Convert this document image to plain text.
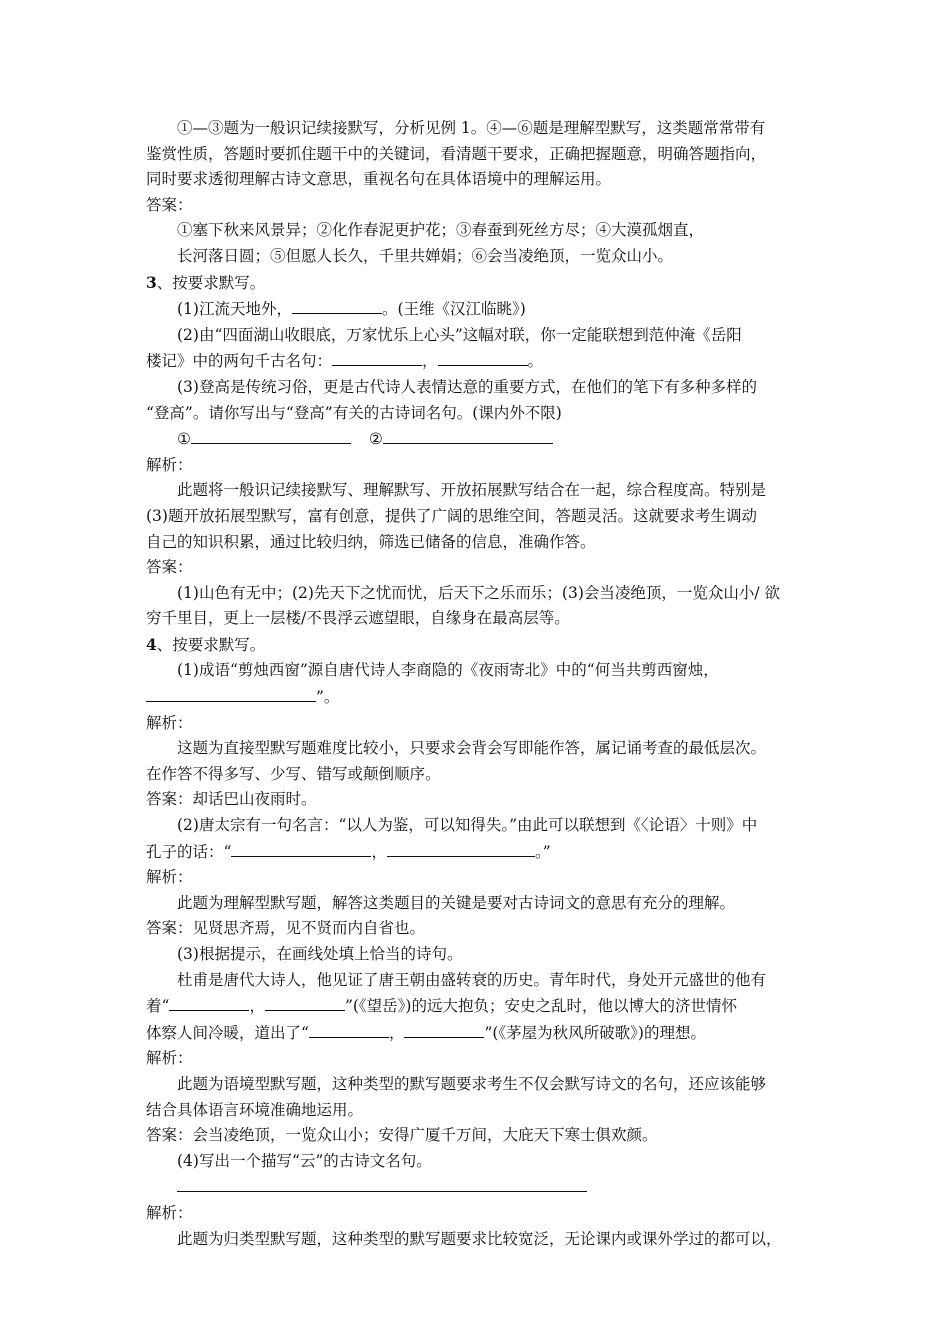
①—③题为一般识记续接默写，分析见例 1。④—⑥题是理解型默写，这类题常常带有

鉴赏性质，答题时要抓住题干中的关键词，看清题干要求，正确把握题意，明确答题指向，

同时要求透彻理解古诗文意思，重视名句在具体语境中的理解运用。

答案：

①塞下秋来风景异；②化作春泥更护花；③春蚕到死丝方尽；④大漠孤烟直，

长河落日圆；⑤但愿人长久，千里共婵娟；⑥会当凌绝顶，一览众山小。

3、按要求默写。

(1)江流天地外，	。(王维《汉江临眺》)

(2)由“四面湖山收眼底，万家忧乐上心头”这幅对联，你一定能联想到范仲淹《岳阳

楼记》中的两句千古名句：	，	。

(3)登高是传统习俗，更是古代诗人表情达意的重要方式，在他们的笔下有多种多样的

“登高”。请你写出与“登高”有关的古诗词名句。(课内外不限)

①	②

解析：

此题将一般识记续接默写、理解默写、开放拓展默写结合在一起，综合程度高。特别是

(3)题开放拓展型默写，富有创意，提供了广阔的思维空间，答题灵活。这就要求考生调动

自己的知识积累，通过比较归纳，筛选已储备的信息，准确作答。

答案：

(1)山色有无中；(2)先天下之忧而忧，后天下之乐而乐；(3)会当凌绝顶，一览众山小/ 欲

穷千里目，更上一层楼/不畏浮云遮望眼，自缘身在最高层等。

4、按要求默写。

(1)成语“剪烛西窗”源自唐代诗人李商隐的《夜雨寄北》中的“何当共剪西窗烛，

”。

解析：

这题为直接型默写题难度比较小，只要求会背会写即能作答，属记诵考查的最低层次。

在作答不得多写、少写、错写或颠倒顺序。

答案：却话巴山夜雨时。

(2)唐太宗有一句名言：“以人为鉴，可以知得失。”由此可以联想到《〈论语〉十则》中

孔子的话：“	，	。”

解析：

此题为理解型默写题，解答这类题目的关键是要对古诗词文的意思有充分的理解。

答案：见贤思齐焉，见不贤而内自省也。

(3)根据提示，在画线处填上恰当的诗句。

杜甫是唐代大诗人，他见证了唐王朝由盛转衰的历史。青年时代，身处开元盛世的他有

着“	，	”(《望岳》)的远大抱负；安史之乱时，他以博大的济世情怀

体察人间冷暖，道出了“	，	”(《茅屋为秋风所破歌》)的理想。

解析：

此题为语境型默写题，这种类型的默写题要求考生不仅会默写诗文的名句，还应该能够

结合具体语言环境准确地运用。

答案：会当凌绝顶，一览众山小；安得广厦千万间，大庇天下寒士俱欢颜。

(4)写出一个描写“云”的古诗文名句。

解析：

此题为归类型默写题，这种类型的默写题要求比较宽泛，无论课内或课外学过的都可以，
